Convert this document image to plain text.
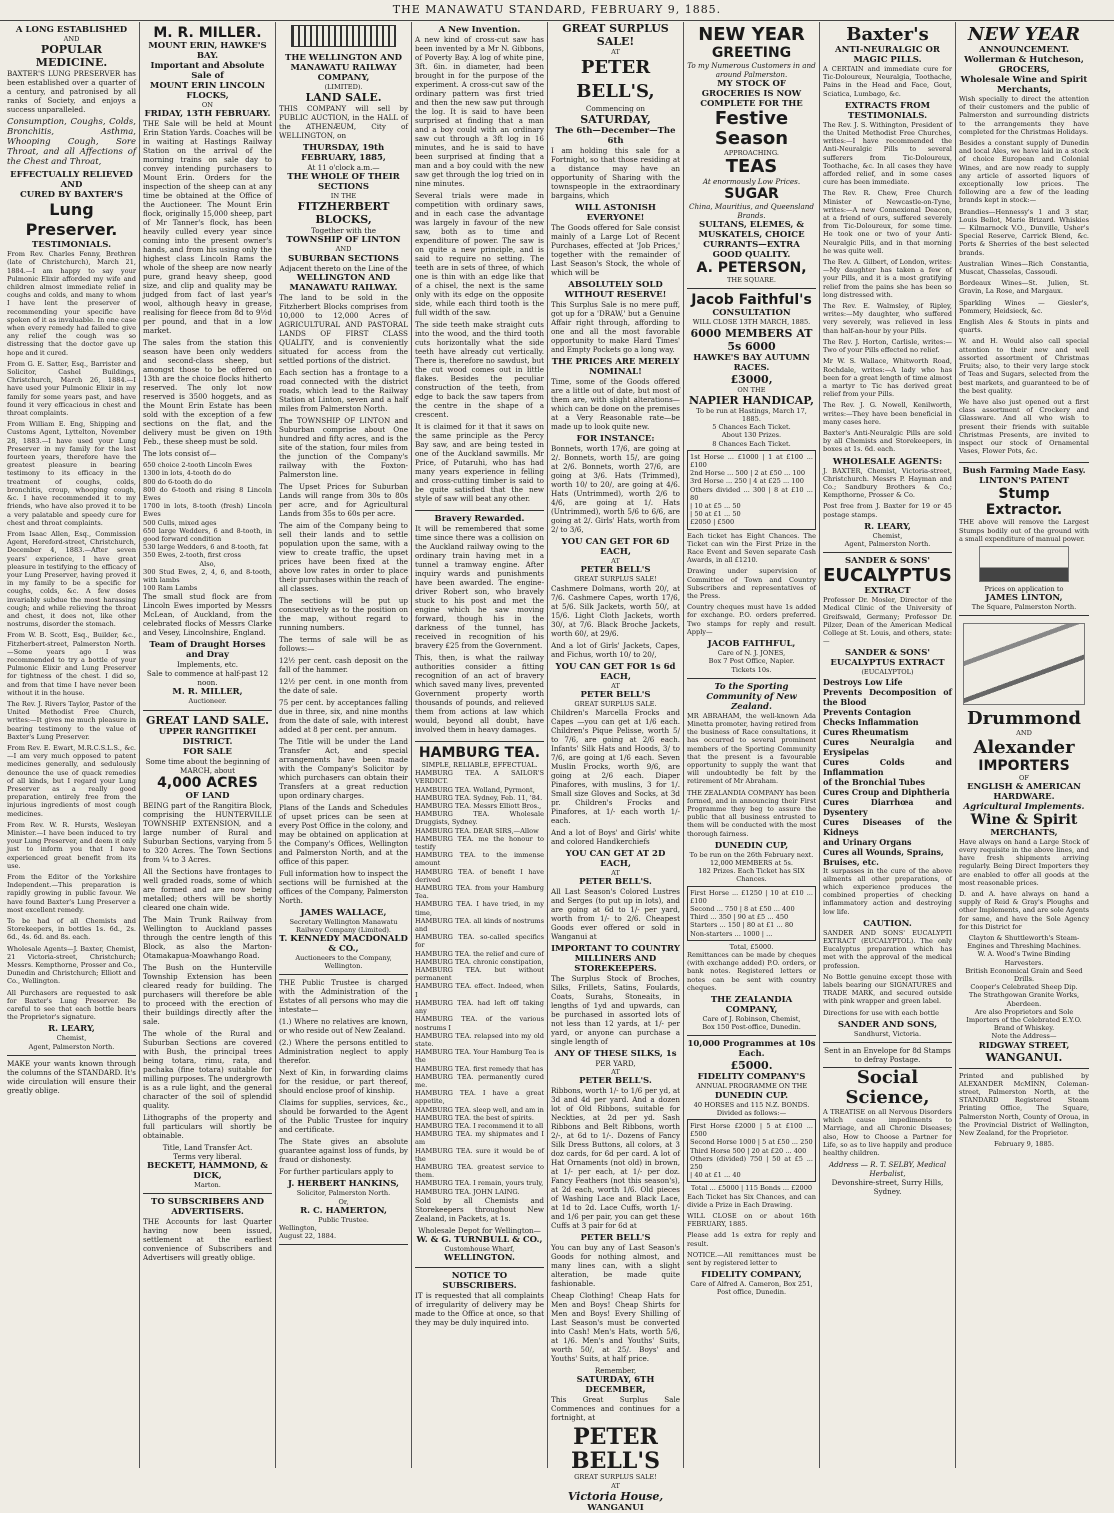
THE MANAWATU STANDARD, FEBRUARY 9, 1885.
A LONG ESTABLISHED
AND
POPULAR MEDICINE.

BAXTER'S LUNG PRESERVER has been established over a quarter of a century, and patronised by all ranks of Society, and enjoys a success unparalleled.

Consumption, Coughs, Colds, Bronchitis, Asthma, Whooping Cough, Sore Throat, and all Affections of the Chest and Throat,

EFFECTUALLY RELIEVED AND
CURED BY BAXTER'S
Lung Preserver.
TESTIMONIALS.

From Rev. Charles Fenny, Brethren (late of Christchurch), March 21, 1884.—I am happy to say your Pulmonic Elixir afforded my wife and children almost immediate relief in coughs and colds, and many to whom I have lent the preserver of recommending your specific have spoken of it as invaluable. In one case when every remedy had failed to give any relief the cough was so distressing that the doctor gave up hope and it cured.

From G. E. Satter, Esq., Barrister and Solicitor, Cashel Buildings, Christchurch, March 26, 1884.—I have used your Pulmonic Elixir in my family for some years past, and have found it very efficacious in chest and throat complaints.

From William E. Eng, Shipping and Customs Agent, Lyttelton, November 28, 1883.—I have used your Lung Preserver in my family for the last fourteen years, therefore have the greatest pleasure in bearing testimony to its efficacy in the treatment of coughs, colds, bronchitis, croup, whooping cough, &c. I have recommended it to my friends, who have also proved it to be a very palatable and speedy cure for chest and throat complaints.

From Isaac Allen, Esq., Commission Agent, Hereford-street, Christchurch, December 4, 1883.—After seven years' experience, I have great pleasure in testifying to the efficacy of your Lung Preserver, having proved it in my family to be a specific for coughs, colds, &c. A few doses invariably subdue the most harassing cough; and while relieving the throat and chest, it does not, like other nostrums, disorder the stomach.

From W. B. Scott, Esq., Builder, &c., Fitzherbert-street, Palmerston North.—Some years ago I was recommended to try a bottle of your Pulmonic Elixir and Lung Preserver for tightness of the chest. I did so, and from that time I have never been without it in the house.

The Rev. J. Rivers Taylor, Pastor of the United Methodist Free Church, writes:—It gives me much pleasure in bearing testimony to the value of Baxter's Lung Preserver.

From Rev. E. Ewart, M.R.C.S.L.S., &c.—I am very much opposed to patent medicines generally, and sedulously denounce the use of quack remedies of all kinds, but I regard your Lung Preserver as a really good preparation, entirely free from the injurious ingredients of most cough medicines.

From Rev. W. R. Hursts, Wesleyan Minister.—I have been induced to try your Lung Preserver, and deem it only just to inform you that I have experienced great benefit from its use.

From the Editor of the Yorkshire Independent.—This preparation is rapidly growing in public favour. We have found Baxter's Lung Preserver a most excellent remedy.

To be had of all Chemists and Storekeepers, in bottles 1s. 6d., 2s. 6d., 4s. 6d. and 8s. each.

Wholesale Agents—J. Baxter, Chemist, 21 Victoria-street, Christchurch; Messrs. Kempthorne, Prosser and Co., Dunedin and Christchurch; Elliott and Co., Wellington.

All Purchasers are requested to ask for Baxter's Lung Preserver. Be careful to see that each bottle bears the Proprietor's signature.

R. LEARY,
Chemist,
Agent, Palmerston North.

MAKE your wants known through the columns of the STANDARD. It's wide circulation will ensure their greatly oblige.

M. R. MILLER.
MOUNT ERIN, HAWKE'S BAY.
Important and Absolute Sale of
MOUNT ERIN LINCOLN FLOCKS,
ON
FRIDAY, 13TH FEBRUARY.

THE Sale will be held at Mount Erin Station Yards. Coaches will be in waiting at Hastings Railway Station on the arrival of the morning trains on sale day to convey intending purchasers to Mount Erin. Orders for the inspection of the sheep can at any time be obtained at the Office of the Auctioneer. The Mount Erin flock, originally 15,000 sheep, part of Mr Tanner's flock, has been heavily culled every year since coming into the present owner's hands, and from his using only the highest class Lincoln Rams the whole of the sheep are now nearly pure, grand heavy sheep, good size, and clip and quality may be judged from fact of last year's wool, although heavy in grease, realising for fleece from 8d to 9½d per pound, and that in a low market.

The sales from the station this season have been only wedders and second-class sheep, but amongst those to be offered on 13th are the choice flocks hitherto reserved. The only lot now reserved is 3500 hoggets, and as the Mount Erin Estate has been sold with the exception of a few sections on the flat, and the delivery must be given on 19th Feb., these sheep must be sold.

The lots consist of—

650 choice 2-tooth Lincoln Ewes
1300 in lots, 4-tooth do do
800 do 6-tooth do do
800 do 6-tooth and rising 8 Lincoln Ewes
1700 in lots, 8-tooth (fresh) Lincoln Ewes
500 Culls, mixed ages
650 large Wedders, 6 and 8-tooth, in good forward condition
530 large Wedders, 6 and 8-tooth, fat
350 Ewes, 2-tooth, first cross
Also,
300 Stud Ewes, 2, 4, 6, and 8-tooth, with lambs
100 Ram Lambs

The small stud flock are from Lincoln Ewes imported by Messrs McLean, of Auckland, from the celebrated flocks of Messrs Clarke and Vesey, Lincolnshire, England.

Team of Draught Horses and Dray
Implements, etc.
Sale to commence at half-past 12 noon.
M. R. MILLER,
Auctioneer.
GREAT LAND SALE.
UPPER RANGITIKEI DISTRICT.
FOR SALE
Some time about the beginning of
MARCH, about
4,000 ACRES
OF LAND

BEING part of the Rangitira Block, comprising the HUNTERVILLE TOWNSHIP EXTENSION, and a large number of Rural and Suburban Sections, varying from 5 to 320 Acres. The Town Sections from ¼ to 3 Acres.

All the Sections have frontages to well graded roads, some of which are formed and are now being metalled; others will be shortly cleared one chain wide.

The Main Trunk Railway from Wellington to Auckland passes through the centre length of this Block, as also the Marton-Otamakapua-Moawhango Road.

The Bush on the Hunterville Township Extension has been cleared ready for building. The purchasers will therefore be able to proceed with the erection of their buildings directly after the sale.

The whole of the Rural and Suburban Sections are covered with Bush, the principal trees being totara, rimu, rata, and pachaka (fine totara) suitable for milling purposes. The undergrowth is as a rule light, and the general character of the soil of splendid quality.

Lithographs of the property and full particulars will shortly be obtainable.

Title, Land Transfer Act.
Terms very liberal.
BECKETT, HAMMOND, & DICK,
Marton.
TO SUBSCRIBERS AND ADVERTISERS.

THE Accounts for last Quarter having now been issued, settlement at the earliest convenience of Subscribers and Advertisers will greatly oblige.

THE WELLINGTON AND MANAWATU RAILWAY COMPANY,
(LIMITED).
LAND SALE.

THIS COMPANY will sell by PUBLIC AUCTION, in the HALL of the ATHENÆUM, City of WELLINGTON, on

THURSDAY, 19th FEBRUARY, 1885,
At 11 o'clock a.m.—
THE WHOLE OF THEIR SECTIONS
IN THE
FITZHERBERT BLOCKS,
Together with the
TOWNSHIP OF LINTON
AND
SUBURBAN SECTIONS
Adjacent thereto on the Line of the
WELLINGTON AND MANAWATU RAILWAY.

The land to be sold in the Fitzherbert Blocks comprises from 10,000 to 12,000 Acres of AGRICULTURAL AND PASTORAL LANDS OF FIRST CLASS QUALITY, and is conveniently situated for access from the settled portions of the district.

Each section has a frontage to a road connected with the district roads, which lead to the Railway Station at Linton, seven and a half miles from Palmerston North.

The TOWNSHIP OF LINTON and Suburban comprise about One hundred and fifty acres, and is the site of the station, four miles from the junction of the Company's railway with the Foxton-Palmerston line.

The Upset Prices for Suburban Lands will range from 30s to 80s per acre, and for Agricultural Lands from 35s to 60s per acre.

The aim of the Company being to sell their lands and to settle population upon the same, with a view to create traffic, the upset prices have been fixed at the above low rates in order to place their purchases within the reach of all classes.

The sections will be put up consecutively as to the position on the map, without regard to running numbers.

The terms of sale will be as follows:—

12½ per cent. cash deposit on the fall of the hammer.

12½ per cent. in one month from the date of sale.

75 per cent. by acceptances falling due in three, six, and nine months from the date of sale, with interest added at 8 per cent. per annum.

The Title will be under the Land Transfer Act, and special arrangements have been made with the Company's Solicitor by which purchasers can obtain their Transfers at a great reduction upon ordinary charges.

Plans of the Lands and Schedules of upset prices can be seen at every Post Office in the colony, and may be obtained on application at the Company's Offices, Wellington and Palmerston North, and at the office of this paper.

Full information how to inspect the sections will be furnished at the offices of the Company, Palmerston North.

JAMES WALLACE,
Secretary Wellington Manawatu Railway Company (Limited).
T. KENNEDY MACDONALD & CO.,
Auctioneers to the Company,
Wellington.

THE Public Trustee is charged with the Administration of the Estates of all persons who may die intestate—

(1.) Where no relatives are known, or who reside out of New Zealand.

(2.) Where the persons entitled to Administration neglect to apply therefor.

Next of Kin, in forwarding claims for the residue, or part thereof, should enclose proof of kinship.

Claims for supplies, services, &c., should be forwarded to the Agent of the Public Trustee for inquiry and certificate.

The State gives an absolute guarantee against loss of funds, by fraud or dishonesty.

For further particulars apply to

J. HERBERT HANKINS,
Solicitor, Palmerston North.
Or,
R. C. HAMERTON,
Public Trustee.
Wellington,
August 22, 1884.
A New Invention.

A new kind of cross-cut saw has been invented by a Mr N. Gibbons, of Poverty Bay. A log of white pine, 3ft. 6in. in diameter, had been brought in for the purpose of the experiment. A cross-cut saw of the ordinary pattern was first tried and then the new saw put through the log. It is said to have been surprised at finding that a man and a boy could with an ordinary saw cut through a 3ft log in 16 minutes, and he is said to have been surprised at finding that a man and a boy could with the new saw get through the log tried on in nine minutes.

Several trials were made in competition with ordinary saws, and in each case the advantage was largely in favour of the new saw, both as to time and expenditure of power. The saw is on quite a new principle, and is said to require no setting. The teeth are in sets of three, of which one is thin with an edge like that of a chisel, the next is the same only with its edge on the opposite side, while each third tooth is the full width of the saw.

The side teeth make straight cuts into the wood, and the third tooth cuts horizontally what the side teeth have already cut vertically. There is, therefore no sawdust, but the cut wood comes out in little flakes. Besides the peculiar construction of the teeth, from edge to back the saw tapers from the centre in the shape of a crescent.

It is claimed for it that it saws on the same principle as the Percy Bay saw, and are being tested in one of the Auckland sawmills. Mr Price, of Putaruhi, who has had many years experience in felling and cross-cutting timber is said to be quite satisfied that the new style of saw will beat any other.

Bravery Rewarded.

It will be remembered that some time since there was a collision on the Auckland railway owing to the ordinary train having met in a tunnel a tramway engine. After inquiry wards and punishments have been awarded. The engine-driver Robert son, who bravely stuck to his post and met the engine which he saw moving forward, though his in the darkness of the tunnel, has received in recognition of his bravery £25 from the Government.

This, then, is what the railway authorities consider a fitting recognition of an act of bravery which saved many lives, prevented Government property worth thousands of pounds, and relieved them from actions at law which would, beyond all doubt, have involved them in heavy damages.

HAMBURG TEA.
SIMPLE, RELIABLE, EFFECTUAL.
HAMBURG TEA. A SAILOR'S VERDICT.
HAMBURG TEA. Wolland, Pyrmont,
HAMBURG TEA. Sydney, Feb. 11, '84.
HAMBURG TEA. Messrs Elliott Bros.,
HAMBURG TEA. Wholesale Druggists, Sydney.
HAMBURG TEA. DEAR SIRS,—Allow
HAMBURG TEA. me the honour to testify
HAMBURG TEA. to the immense amount
HAMBURG TEA. of benefit I have derived
HAMBURG TEA. from your Hamburg Tea.
HAMBURG TEA. I have tried, in my time,
HAMBURG TEA. all kinds of nostrums and
HAMBURG TEA. so-called specifics for
HAMBURG TEA. the relief and cure of
HAMBURG TEA. chronic constipation,
HAMBURG TEA. but without permanent
HAMBURG TEA. effect. Indeed, when I
HAMBURG TEA. had left off taking any
HAMBURG TEA. of the various nostrums I
HAMBURG TEA. relapsed into my old state.
HAMBURG TEA. Your Hamburg Tea is the
HAMBURG TEA. first remedy that has
HAMBURG TEA. permanently cured me.
HAMBURG TEA. I have a great appetite,
HAMBURG TEA. sleep well, and am in
HAMBURG TEA. the best of spirits.
HAMBURG TEA. I recommend it to all
HAMBURG TEA. my shipmates and I am
HAMBURG TEA. sure it would be of the
HAMBURG TEA. greatest service to them.
HAMBURG TEA. I remain, yours truly,
HAMBURG TEA. JOHN LAING.

Sold by all Chemists and Storekeepers throughout New Zealand, in Packets, at 1s.

Wholesale Depot for Wellington—
W. & G. TURNBULL & CO.,
Customhouse Wharf,
WELLINGTON.
NOTICE TO SUBSCRIBERS.

IT is requested that all complaints of irregularity of delivery may be made to the Office at once, so that they may be duly inquired into.

GREAT SURPLUS SALE!
AT
PETER BELL'S,
Commencing on
SATURDAY,
The 6th—December—The 6th

I am holding this sale for a Fortnight, so that those residing at a distance may have an opportunity of Sharing with the townspeople in the extraordinary bargains, which

WILL ASTONISH EVERYONE!

The Goods offered for Sale consist mainly of a Large Lot of Recent Purchases, effected at 'Job Prices,' together with the remainder of Last Season's Stock, the whole of which will be

ABSOLUTELY SOLD WITHOUT RESERVE!

This Surplus Sale is no mere puff, got up for a 'DRAW,' but a Genuine Affair right through, affording to one and all the most favorable opportunity to make Hard Times' and Empty Pockets go a long way.

THE PRICES ARE MERELY NOMINAL!

Time, some of the Goods offered are a little out of date, but most of them are, with slight alterations—which can be done on the premises at a Very Reasonable rate—be made up to look quite new.

FOR INSTANCE:

Bonnets, worth 17/6, are going at 2/. Bonnets, worth 15/, are going at 2/6. Bonnets, worth 27/6, are going at 3/6. Hats (Trimmed), worth 10/ to 20/, are going at 4/6. Hats (Untrimmed), worth 2/6 to 4/6, are going at 1/. Hats (Untrimmed), worth 5/6 to 6/6, are going at 2/. Girls' Hats, worth from 2/ to 3/6,

YOU CAN GET FOR 6D EACH,
AT
PETER BELL'S
GREAT SURPLUS SALE!

Cashmere Dolmans, worth 20/, at 7/6. Cashmere Capes, worth 17/6, at 5/6. Silk Jackets, worth 50/, at 15/6. Light Cloth Jackets, worth 30/, at 7/6. Black Broche Jackets, worth 60/, at 29/6.

And a lot of Girls' Jackets, Capes, and Fichus, worth 10/ to 20/,

YOU CAN GET FOR 1s 6d EACH,
AT
PETER BELL'S
GREAT SURPLUS SALE.

Children's Marcella Frocks and Capes —you can get at 1/6 each. Children's Pique Pelisse, worth 5/ to 7/6, are going at 2/6 each. Infants' Silk Hats and Hoods, 3/ to 7/6, are going at 1/6 each. Seven Muslin Frocks, worth 9/6, are going at 2/6 each. Diaper Pinafores, with muslins, 3 for 1/. Small size Gloves and Socks, at 3d pr. Children's Frocks and Pinafores, at 1/- each worth 1/- each.

And a lot of Boys' and Girls' white and colored Handkerchiefs

YOU CAN GET AT 2D EACH,
AT
PETER BELL'S.

All Last Season's Colored Lustres and Serges (to put up in lots), and are going at 6d to 1/- per yard, worth from 1/- to 2/6. Cheapest Goods ever offered or sold in Wanganui at

IMPORTANT TO COUNTRY MILLINERS AND STOREKEEPERS.

The Surplus Stock of Broches, Silks, Frillets, Satins, Foulards, Coats, Surahs, Stoneaits, in lengths of 1yd and upwards, can be purchased in assorted lots of not less than 12 yards, at 1/- per yard, or anyone can purchase a single length of

ANY OF THESE SILKS, 1s
PER YARD,
AT
PETER BELL'S.

Ribbons, worth 1/- to 1/6 per yd, at 3d and 4d per yard. And a dozen lot of Old Ribbons, suitable for Neckties, at 2d per yd. Sash Ribbons and Belt Ribbons, worth 2/-, at 6d to 1/-. Dozens of Fancy Silk Dress Buttons, all colors, at 3 doz cards, for 6d per card. A lot of Hat Ornaments (not old) in brown, at 1/- per each, at 1/- per doz. Fancy Feathers (not this season's), at 2d each, worth 1/6. Old pieces of Washing Lace and Black Lace, at 1d to 2d. Lace Cuffs, worth 1/- and 1/6 per pair, you can get these Cuffs at 3 pair for 6d at

PETER BELL'S

You can buy any of Last Season's Goods for nothing almost, and many lines can, with a slight alteration, be made quite fashionable.

Cheap Clothing! Cheap Hats for Men and Boys! Cheap Shirts for Men and Boys! Every Shilling of Last Season's must be converted into Cash! Men's Hats, worth 5/6, at 1/6. Men's and Youths' Suits, worth 50/, at 25/. Boys' and Youths' Suits, at half price.

Remember,
SATURDAY, 6TH DECEMBER,

This Great Surplus Sale Commences and continues for a fortnight, at

PETER BELL'S
GREAT SURPLUS SALE!
AT
Victoria House,
WANGANUI
NEW YEAR
GREETING
To my Numerous Customers in and around Palmerston.
MY STOCK OF GROCERIES IS NOW COMPLETE FOR THE
Festive Season
APPROACHING.
TEAS
At enormously Low Prices.
SUGAR
China, Mauritius, and Queensland Brands.
SULTANS, ELEMES, & MUSKATELS, CHOICE CURRANTS—EXTRA GOOD QUALITY.
A. PETERSON,
THE SQUARE.
Jacob Faithful's
CONSULTATION
WILL CLOSE 13TH MARCH, 1885.
6000 MEMBERS AT 5s 6000
HAWKE'S BAY AUTUMN RACES.
£3000,
ON THE
NAPIER HANDICAP,
To be run at Hastings, March 17, 1885.
5 Chances Each Ticket.
About 130 Prizes.
8 Chances Each Ticket.
1st Horse ... £1000 | 1 at £100 ... £100
2nd Horse ... 500 | 2 at £50 ... 100
3rd Horse ... 250 | 4 at £25 ... 100
Others divided ... 300 | 8 at £10 ... 80
| 10 at £5 ... 50
| 50 at £1 ... 50
£2050 | £500

Each ticket has Eight Chances. The Ticket can win the First Prize in the Race Event and Seven separate Cash Awards, in all £1210.

Drawing under supervision of Committee of Town and Country Subscribers and representatives of the Press.

Country cheques must have 1s added for exchange. P.O. orders preferred. Two stamps for reply and result. Apply—

JACOB FAITHFUL,
Care of N. J. JONES,
Box 7 Post Office, Napier.
Tickets 10s.
To the Sporting Community of New Zealand.

MR ABRAHAM, the well-known Ada Minetta promoter, having retired from the business of Race consultations, it has occurred to several prominent members of the Sporting Community that the present is a favourable opportunity to supply the want that will undoubtedly be felt by the retirement of Mr Abraham.

THE ZEALANDIA COMPANY has been formed, and in announcing their First Programme they beg to assure the public that all business entrusted to them will be conducted with the most thorough fairness.

DUNEDIN CUP,
To be run on the 26th February next.
12,000 MEMBERS at 5s.
182 Prizes. Each Ticket has SIX Chances.
First Horse ... £1250 | 10 at £10 ... £100
Second ... 750 | 8 at £50 ... 400
Third ... 350 | 90 at £5 ... 450
Starters ... 150 | 80 at £1 ... 80
Non-starters ... 1000 | ...
Total, £5000.

Remittances can be made by cheques (with exchange added) P.O. orders, or bank notes. Registered letters or notes can be sent with country cheques.

THE ZEALANDIA COMPANY,
Care of J. Robinson, Chemist,
Box 150 Post-office, Dunedin.
10,000 Programmes at 10s Each.
£5000.
FIDELITY COMPANY'S
ANNUAL PROGRAMME ON THE
DUNEDIN CUP.
40 HORSES and 115 N.Z. BONDS. Divided as follows:—
First Horse £2000 | 5 at £100 ... £500
Second Horse 1000 | 5 at £50 ... 250
Third Horse 500 | 20 at £20 ... 400
Others (divided) 750 | 50 at £5 ... 250
| 40 at £1 ... 40
Total ... £5000 | 115 Bonds ... £2000

Each Ticket has Six Chances, and can divide a Prize in Each Drawing.

WILL CLOSE on or about 16th FEBRUARY, 1885.

Please add 1s extra for reply and result.

NOTICE.—All remittances must be sent by registered letter to

FIDELITY COMPANY,
Care of Alfred A. Cameron, Box 251,
Post office, Dunedin.
Baxter's
ANTI-NEURALGIC OR
MAGIC PILLS.

A CERTAIN and immediate cure for Tic-Doloureux, Neuralgia, Toothache, Pains in the Head and Face, Gout, Sciatica, Lumbago, &c.

EXTRACTS FROM TESTIMONIALS.

The Rev. J. S. Withington, President of the United Methodist Free Churches, writes:—I have recommended the Anti-Neuralgic Pills to several sufferers from Tic-Doloureux, Toothache, &c. In all cases they have afforded relief, and in some cases cure has been immediate.

The Rev. R. Chew, Free Church Minister of Newcastle-on-Tyne, writes:—A new Connexional Deacon, at a friend of ours, suffered severely from Tic-Doloureux, for some time. He took one or two of your Anti-Neuralgic Pills, and in that morning he was quite well.

The Rev. A. Gilbert, of London, writes:—My daughter has taken a few of your Pills, and it is a most gratifying relief from the pains she has been so long distressed with.

The Rev. E. Walmsley, of Ripley, writes:—My daughter, who suffered very severely, was relieved in less than half-an-hour by your Pills.

The Rev. J. Horton, Carlisle, writes:—Two of your Pills effected no relief.

Mr W. S. Wallace, Whitworth Road, Rochdale, writes:—A lady who has been for a great length of time almost a martyr to Tic has derived great relief from your Pills.

The Rev. J. G. Nowell, Kenilworth, writes:—They have been beneficial in many cases here.

Baxter's Anti-Neuralgic Pills are sold by all Chemists and Storekeepers, in boxes at 1s. 6d. each.

WHOLESALE AGENTS:

J. BAXTER, Chemist, Victoria-street, Christchurch. Messrs P. Hayman and Co.; Sandbury Brothers & Co.; Kempthorne, Prosser & Co.

Post free from J. Baxter for 19 or 45 postage stamps.

R. LEARY,
Chemist,
Agent, Palmerston North.
SANDER & SONS'
EUCALYPTUS
EXTRACT

Professor Dr. Mosler, Director of the Medical Clinic of the University of Greifswald, Germany; Professor Dr. Pilzer, Dean of the American Medical College at St. Louis, and others, state:—

SANDER & SONS'
EUCALYPTUS EXTRACT
(EUCALYPTOL)
Destroys Low Life
Prevents Decomposition of the Blood
Prevents Contagion
Checks Inflammation
Cures Rheumatism
Cures Neuralgia and Erysipelas
Cures Colds and Inflammation
of the Bronchial Tubes
Cures Croup and Diphtheria
Cures Diarrhœa and Dysentery
Cures Diseases of the Kidneys
and Urinary Organs
Cures all Wounds, Sprains,
Bruises, etc.

It surpasses in the cure of the above ailments all other preparations, of which experience produces the combined properties of checking inflammatory action and destroying low life.

CAUTION.

SANDER AND SONS' EUCALYPTI EXTRACT (EUCALYPTOL). The only Eucalyptus preparation which has met with the approval of the medical profession.

No Bottle genuine except those with labels bearing our SIGNATURES and TRADE MARK, and secured outside with pink wrapper and green label.

Directions for use with each bottle

SANDER AND SONS,
Sandhurst, Victoria.
Sent in an Envelope for 8d Stamps to defray Postage.
Social Science,

A TREATISE on all Nervous Disorders which cause impediments to Marriage, and all Chronic Diseases; also, How to Choose a Partner for Life, so as to live happily and produce healthy children.

Address — R. T. SELBY, Medical Herbalist,
Devonshire-street, Surry Hills,
Sydney.
NEW YEAR
ANNOUNCEMENT.
Wollerman & Hutcheson,
GROCERS,
Wholesale Wine and Spirit
Merchants,

Wish specially to direct the attention of their customers and the public of Palmerston and surrounding districts to the arrangements they have completed for the Christmas Holidays.

Besides a constant supply of Dunedin and local Ales, we have laid in a stock of choice European and Colonial Wines, and are now ready to supply any article of assorted liquors of exceptionally low prices. The following are a few of the leading brands kept in stock:—

Brandies—Hennessy's 1 and 3 star, Louis Bellot, Marie Brizard. Whiskies — Kilmarnock V.O., Dunville, Usher's Special Reserve, Carrick Blend, &c. Ports & Sherries of the best selected brands.

Australian Wines—Rich Constantia, Muscat, Chasselas, Cassoudi.

Bordeaux Wines—St. Julien, St. Gravin, La Rose, and Margaux.

Sparkling Wines — Giesler's, Pommery, Heidsieck, &c.

English Ales & Stouts in pints and quarts.

W. and H. Would also call special attention to their new and well assorted assortment of Christmas Fruits; also, to their very large stock of Teas and Sugars, selected from the best markets, and guaranteed to be of the best quality.

We have also just opened out a first class assortment of Crockery and Glassware. And all who wish to present their friends with suitable Christmas Presents, are invited to inspect our stock of Ornamental Vases, Flower Pots, &c.

Bush Farming Made Easy.
LINTON'S PATENT
Stump Extractor.

THE above will remove the Largest Stumps bodily out of the ground with a small expenditure of manual power.

Prices on application to
JAMES LINTON,
The Square, Palmerston North.
Drummond
AND
Alexander
IMPORTERS
OF
ENGLISH & AMERICAN HARDWARE.
Agricultural Implements.
Wine & Spirit
MERCHANTS,

Have always on hand a Large Stock of every requisite in the above lines, and have fresh shipments arriving regularly. Being Direct Importers they are enabled to offer all goods at the most reasonable prices.

D. and A. have always on hand a supply of Reid & Gray's Ploughs and other Implements, and are sole Agents for same, and have the Sole Agency for this District for

Clayton & Shuttleworth's Steam-Engines and Threshing Machines.
W. A. Wood's Twine Binding Harvesters.
British Economical Grain and Seed Drills.
Cooper's Celebrated Sheep Dip.
The Strathgowan Granite Works, Aberdeen.
Are also Proprietors and Sole Importers of the Celebrated E.Y.O. Brand of Whiskey.
Note the Address—
RIDGWAY STREET,
WANGANUI.

Printed and published by ALEXANDER McMINN, Coleman-street, Palmerston North, at the STANDARD Registered Steam Printing Office, The Square, Palmerston North, County of Oroua, in the Provincial District of Wellington, New Zealand, for the Proprietor.

February 9, 1885.
